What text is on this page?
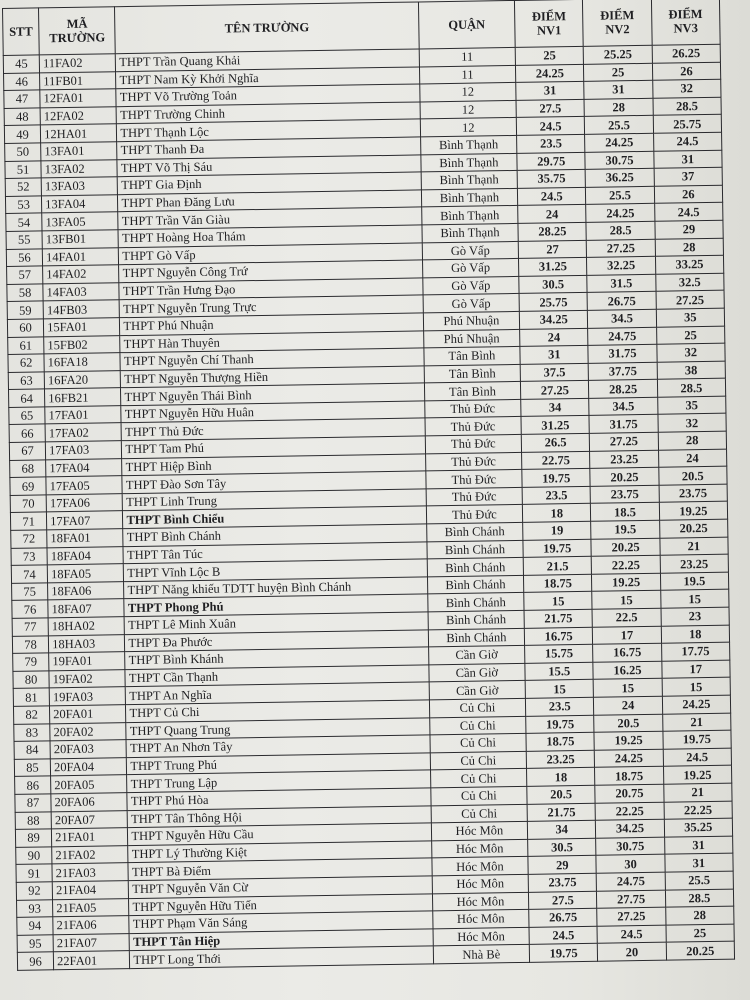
STT	MÃ TRƯỜNG	TÊN TRƯỜNG	QUẬN	ĐIỂM NV1	ĐIỂM NV2	ĐIỂM NV3
45	11FA02	THPT Trần Quang Khải	11	25	25.25	26.25
46	11FB01	THPT Nam Kỳ Khởi Nghĩa	11	24.25	25	26
47	12FA01	THPT Võ Trường Toản	12	31	31	32
48	12FA02	THPT Trường Chinh	12	27.5	28	28.5
49	12HA01	THPT Thạnh Lộc	12	24.5	25.5	25.75
50	13FA01	THPT Thanh Đa	Bình Thạnh	23.5	24.25	24.5
51	13FA02	THPT Võ Thị Sáu	Bình Thạnh	29.75	30.75	31
52	13FA03	THPT Gia Định	Bình Thạnh	35.75	36.25	37
53	13FA04	THPT Phan Đăng Lưu	Bình Thạnh	24.5	25.5	26
54	13FA05	THPT Trần Văn Giàu	Bình Thạnh	24	24.25	24.5
55	13FB01	THPT Hoàng Hoa Thám	Bình Thạnh	28.25	28.5	29
56	14FA01	THPT Gò Vấp	Gò Vấp	27	27.25	28
57	14FA02	THPT Nguyễn Công Trứ	Gò Vấp	31.25	32.25	33.25
58	14FA03	THPT Trần Hưng Đạo	Gò Vấp	30.5	31.5	32.5
59	14FB03	THPT Nguyễn Trung Trực	Gò Vấp	25.75	26.75	27.25
60	15FA01	THPT Phú Nhuận	Phú Nhuận	34.25	34.5	35
61	15FB02	THPT Hàn Thuyên	Phú Nhuận	24	24.75	25
62	16FA18	THPT Nguyễn Chí Thanh	Tân Bình	31	31.75	32
63	16FA20	THPT Nguyễn Thượng Hiền	Tân Bình	37.5	37.75	38
64	16FB21	THPT Nguyễn Thái Bình	Tân Bình	27.25	28.25	28.5
65	17FA01	THPT Nguyễn Hữu Huân	Thủ Đức	34	34.5	35
66	17FA02	THPT Thủ Đức	Thủ Đức	31.25	31.75	32
67	17FA03	THPT Tam Phú	Thủ Đức	26.5	27.25	28
68	17FA04	THPT Hiệp Bình	Thủ Đức	22.75	23.25	24
69	17FA05	THPT Đào Sơn Tây	Thủ Đức	19.75	20.25	20.5
70	17FA06	THPT Linh Trung	Thủ Đức	23.5	23.75	23.75
71	17FA07	THPT Bình Chiểu	Thủ Đức	18	18.5	19.25
72	18FA01	THPT Bình Chánh	Bình Chánh	19	19.5	20.25
73	18FA04	THPT Tân Túc	Bình Chánh	19.75	20.25	21
74	18FA05	THPT Vĩnh Lộc B	Bình Chánh	21.5	22.25	23.25
75	18FA06	THPT Năng khiếu TDTT huyện Bình Chánh	Bình Chánh	18.75	19.25	19.5
76	18FA07	THPT Phong Phú	Bình Chánh	15	15	15
77	18HA02	THPT Lê Minh Xuân	Bình Chánh	21.75	22.5	23
78	18HA03	THPT Đa Phước	Bình Chánh	16.75	17	18
79	19FA01	THPT Bình Khánh	Cần Giờ	15.75	16.75	17.75
80	19FA02	THPT Cần Thạnh	Cần Giờ	15.5	16.25	17
81	19FA03	THPT An Nghĩa	Cần Giờ	15	15	15
82	20FA01	THPT Củ Chi	Củ Chi	23.5	24	24.25
83	20FA02	THPT Quang Trung	Củ Chi	19.75	20.5	21
84	20FA03	THPT An Nhơn Tây	Củ Chi	18.75	19.25	19.75
85	20FA04	THPT Trung Phú	Củ Chi	23.25	24.25	24.5
86	20FA05	THPT Trung Lập	Củ Chi	18	18.75	19.25
87	20FA06	THPT Phú Hòa	Củ Chi	20.5	20.75	21
88	20FA07	THPT Tân Thông Hội	Củ Chi	21.75	22.25	22.25
89	21FA01	THPT Nguyễn Hữu Cầu	Hóc Môn	34	34.25	35.25
90	21FA02	THPT Lý Thường Kiệt	Hóc Môn	30.5	30.75	31
91	21FA03	THPT Bà Điểm	Hóc Môn	29	30	31
92	21FA04	THPT Nguyễn Văn Cừ	Hóc Môn	23.75	24.75	25.5
93	21FA05	THPT Nguyễn Hữu Tiến	Hóc Môn	27.5	27.75	28.5
94	21FA06	THPT Phạm Văn Sáng	Hóc Môn	26.75	27.25	28
95	21FA07	THPT Tân Hiệp	Hóc Môn	24.5	24.5	25
96	22FA01	THPT Long Thới	Nhà Bè	19.75	20	20.25
